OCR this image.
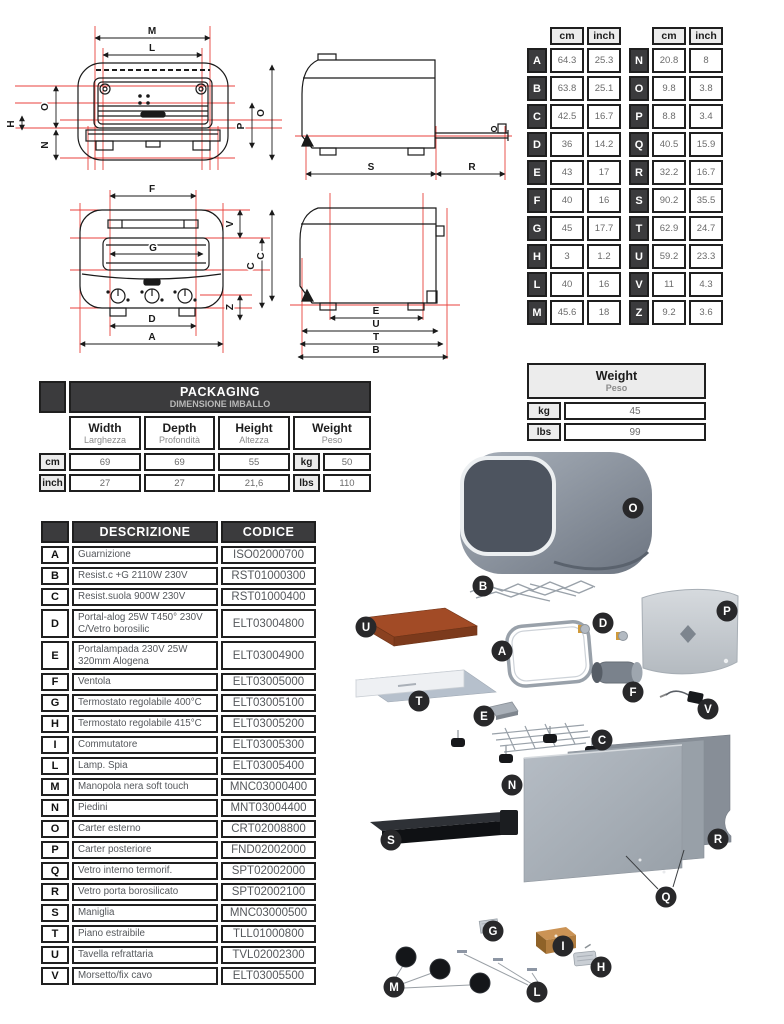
M
L
O
H
N
P
O
S	R
F
G
V
C
Z
D
A
C
E
U
T
B
	cm	inch
A	64.3	25.3
B	63.8	25.1
C	42.5	16.7
D	36	14.2
E	43	17
F	40	16
G	45	17.7
H	3	1.2
L	40	16
M	45.6	18
	cm	inch
N	20.8	8
O	9.8	3.8
P	8.8	3.4
Q	40.5	15.9
R	32.2	16.7
S	90.2	35.5
T	62.9	24.7
U	59.2	23.3
V	11	4.3
Z	9.2	3.6
Weight
Peso	

kg	45
lbs	99

	PACKAGING
DIMENSIONE IMBALLO				

Width
Larghezza

Depth
Profondità

Height
Altezza

Weight
Peso

cm	69	69	55	kg	50
inch	27	27	21,6	lbs	110
	DESCRIZIONE	CODICE
A	Guarnizione	ISO02000700
B	Resist.c +G 2110W 230V	RST01000300
C	Resist.suola 900W 230V	RST01000400
D	Portal-alog 25W T450° 230V C/Vetro borosilic	ELT03004800
E	Portalampada 230V 25W 320mm Alogena	ELT03004900
F	Ventola	ELT03005000
G	Termostato regolabile 400°C	ELT03005100
H	Termostato regolabile 415°C	ELT03005200
I	Commutatore	ELT03005300
L	Lamp. Spia	ELT03005400
M	Manopola nera soft touch	MNC03000400
N	Piedini	MNT03004400
O	Carter esterno	CRT02008800
P	Carter posteriore	FND02002000
Q	Vetro interno termorif.	SPT02002000
R	Vetro porta borosilicato	SPT02002100
S	Maniglia	MNC03000500
T	Piano estraibile	TLL01000800
U	Tavella refrattaria	TVL02002300
V	Morsetto/fix cavo	ELT03005500
O
B
U
P
D
A
F
T
E
V
C
N
S	R
Q
G
I
H
M	L
